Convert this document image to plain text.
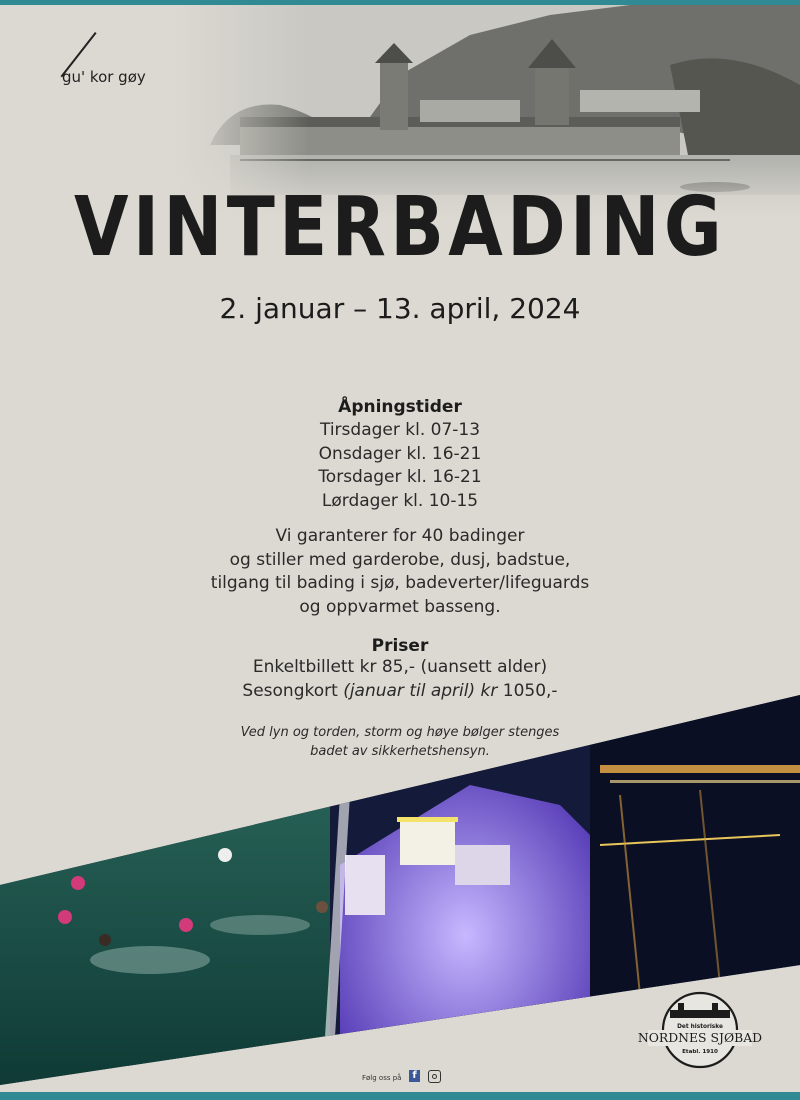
gu' kor gøy
VINTERBADING
2. januar – 13. april, 2024
Åpningstider
Tirsdager kl. 07-13
Onsdager kl. 16-21
Torsdager kl. 16-21
Lørdager kl. 10-15
Vi garanterer for 40 badinger
og stiller med garderobe, dusj, badstue,
tilgang til bading i sjø, badeverter/lifeguards
og oppvarmet basseng.
Priser
Enkeltbillett kr 85,- (uansett alder)
Sesongkort (januar til april) kr 1050,-
Ved lyn og torden, storm og høye bølger stenges
badet av sikkerhetshensyn.
Følg oss på	f
Det historiske
NORDNES SJØBAD
Etabl. 1910
